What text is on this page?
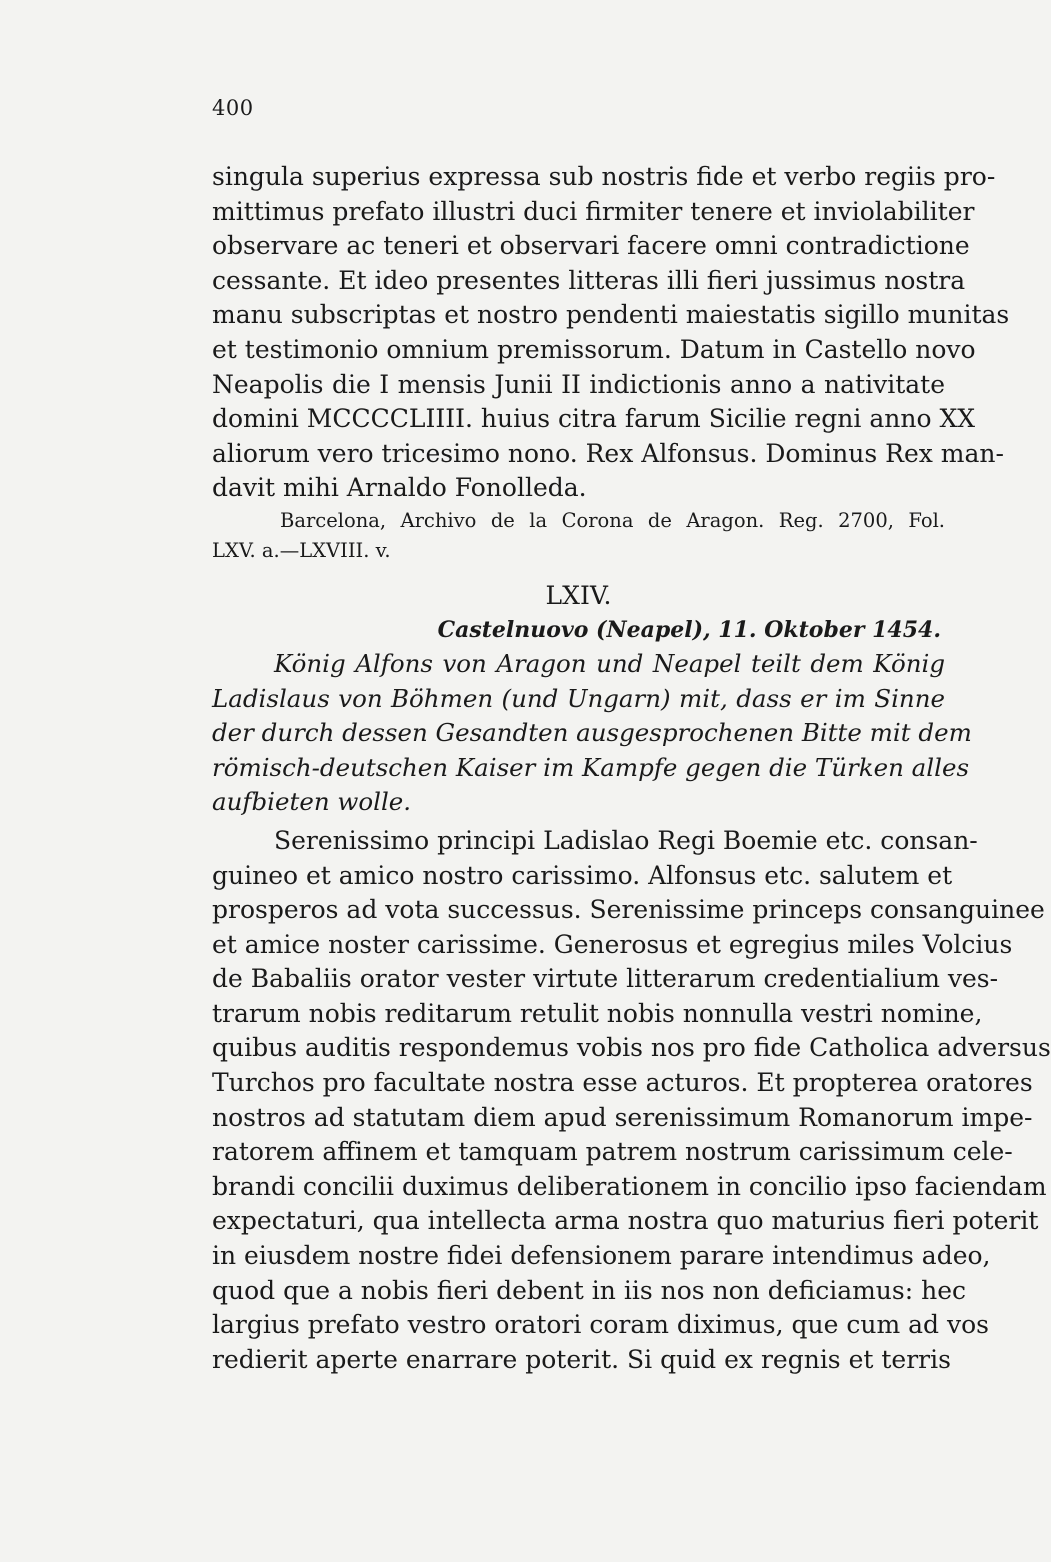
400
singula superius expressa sub nostris fide et verbo regiis pro-
mittimus prefato illustri duci firmiter tenere et inviolabiliter
observare ac teneri et observari facere omni contradictione
cessante. Et ideo presentes litteras illi fieri jussimus nostra
manu subscriptas et nostro pendenti maiestatis sigillo munitas
et testimonio omnium premissorum. Datum in Castello novo
Neapolis die I mensis Junii II indictionis anno a nativitate
domini MCCCCLIIII. huius citra farum Sicilie regni anno XX
aliorum vero tricesimo nono. Rex Alfonsus. Dominus Rex man-
davit mihi Arnaldo Fonolleda.
Barcelona, Archivo de la Corona de Aragon. Reg. 2700, Fol.
LXV. a.—LXVIII. v.
LXIV.
Castelnuovo (Neapel), 11. Oktober 1454.
König Alfons von Aragon und Neapel teilt dem König
Ladislaus von Böhmen (und Ungarn) mit, dass er im Sinne
der durch dessen Gesandten ausgesprochenen Bitte mit dem
römisch-deutschen Kaiser im Kampfe gegen die Türken alles
aufbieten wolle.
Serenissimo principi Ladislao Regi Boemie etc. consan-
guineo et amico nostro carissimo. Alfonsus etc. salutem et
prosperos ad vota successus. Serenissime princeps consanguinee
et amice noster carissime. Generosus et egregius miles Volcius
de Babaliis orator vester virtute litterarum credentialium ves-
trarum nobis reditarum retulit nobis nonnulla vestri nomine,
quibus auditis respondemus vobis nos pro fide Catholica adversus
Turchos pro facultate nostra esse acturos. Et propterea oratores
nostros ad statutam diem apud serenissimum Romanorum impe-
ratorem affinem et tamquam patrem nostrum carissimum cele-
brandi concilii duximus deliberationem in concilio ipso faciendam
expectaturi, qua intellecta arma nostra quo maturius fieri poterit
in eiusdem nostre fidei defensionem parare intendimus adeo,
quod que a nobis fieri debent in iis nos non deficiamus: hec
largius prefato vestro oratori coram diximus, que cum ad vos
redierit aperte enarrare poterit. Si quid ex regnis et terris
